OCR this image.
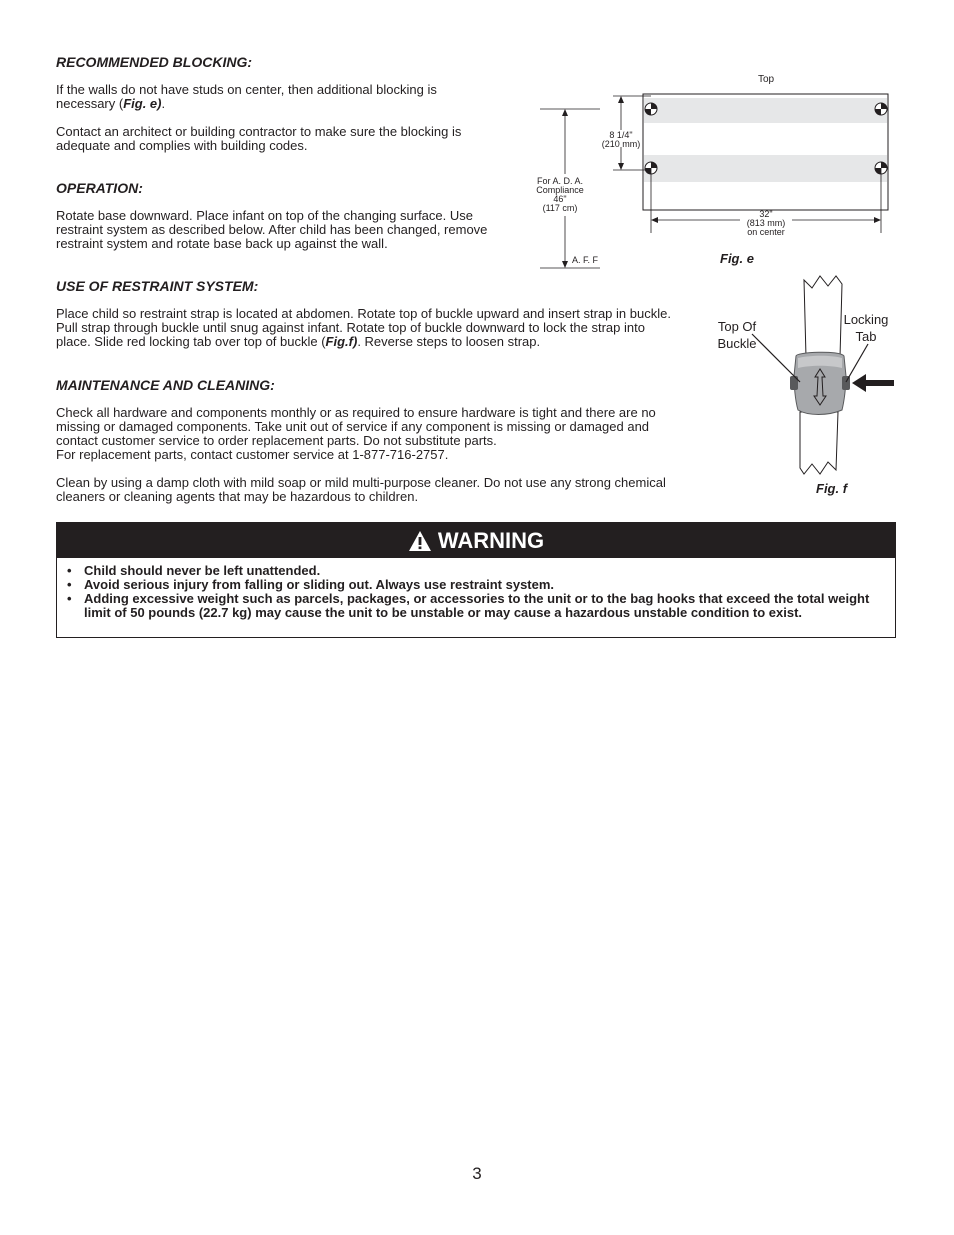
RECOMMENDED BLOCKING:

If the walls do not have studs on center, then additional blocking is necessary (Fig. e).

Contact an architect or building contractor to make sure the blocking is adequate and complies with building codes.

OPERATION:

Rotate base downward. Place infant on top of the changing surface. Use restraint system as described below. After child has been changed, remove restraint system and rotate base back up against the wall.

USE OF RESTRAINT SYSTEM:

Place child so restraint strap is located at abdomen. Rotate top of buckle upward and insert strap in buckle. Pull strap through buckle until snug against infant. Rotate top of buckle downward to lock the strap into place. Slide red locking tab over top of buckle (Fig.f). Reverse steps to loosen strap.

MAINTENANCE AND CLEANING:

Check all hardware and components monthly or as required to ensure hardware is tight and there are no missing or damaged components. Take unit out of service if any component is missing or damaged and contact customer service to order replacement parts. Do not substitute parts.

For replacement parts, contact customer service at 1-877-716-2757.

Clean by using a damp cloth with mild soap or mild multi-purpose cleaner. Do not use any strong chemical cleaners or cleaning agents that may be hazardous to children.

Top
8 1/4"
(210 mm)
For A. D. A.
Compliance
46"
(117 cm)
A. F. F
32"
(813 mm)
on center
Fig. e
Top Of
Buckle
Locking
Tab
Fig. f
WARNING
• Child should never be left unattended.
• Avoid serious injury from falling or sliding out. Always use restraint system.
• Adding excessive weight such as parcels, packages, or accessories to the unit or to the bag hooks that exceed the total weight limit of 50 pounds (22.7 kg) may cause the unit to be unstable or may cause a hazardous unstable condition to exist.
3
